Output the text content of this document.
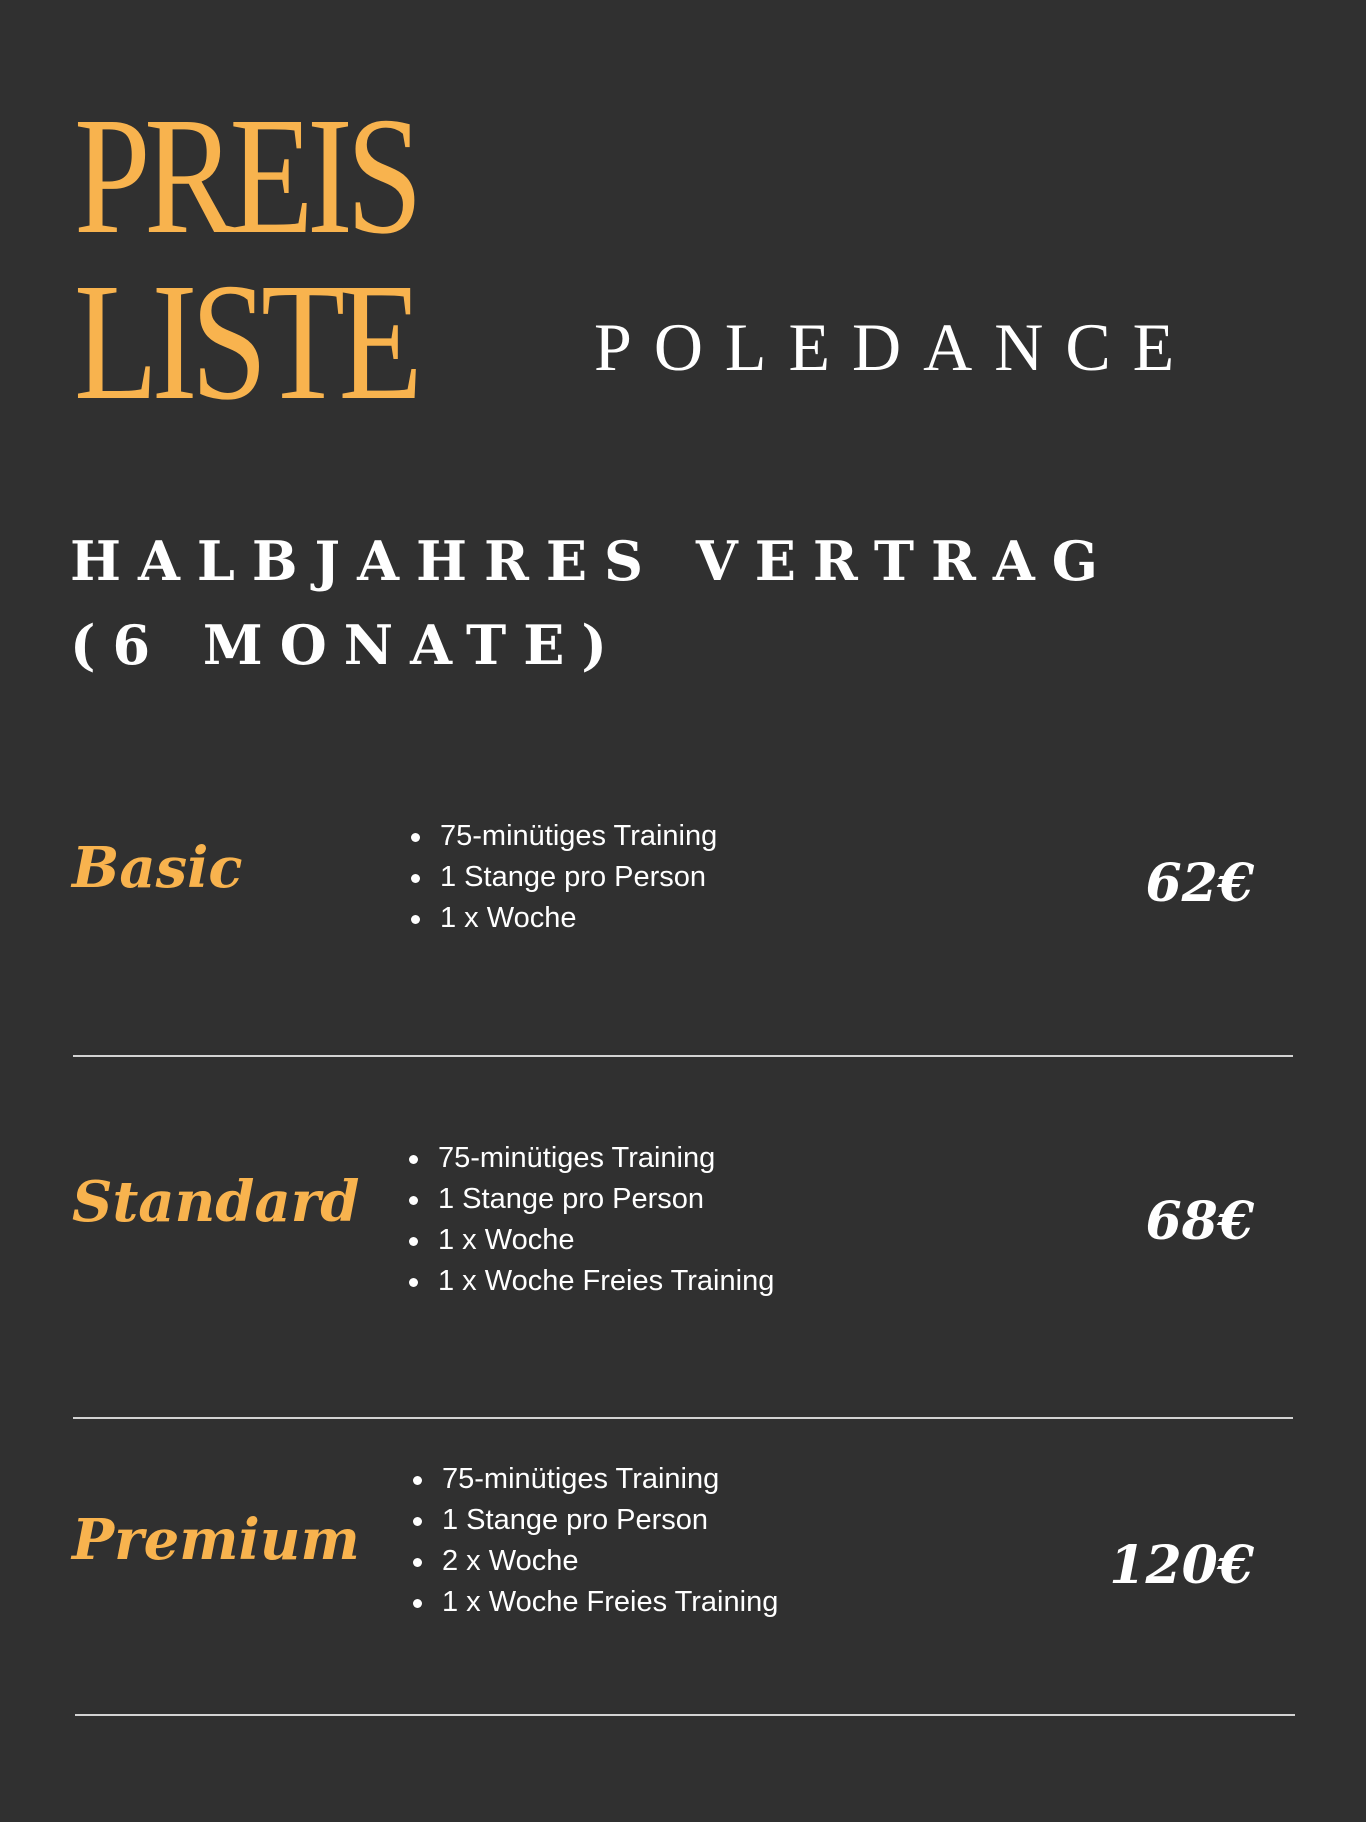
PREIS
LISTE	POLEDANCE
HALBJAHRES VERTRAG
(6 MONATE)
Basic	75-minütiges Training
1 Stange pro Person
1 x Woche
62€
Standard
75-minütiges Training
1 Stange pro Person
1 x Woche
1 x Woche Freies Training
68€
Premium
75-minütiges Training
1 Stange pro Person
2 x Woche
1 x Woche Freies Training
120€
